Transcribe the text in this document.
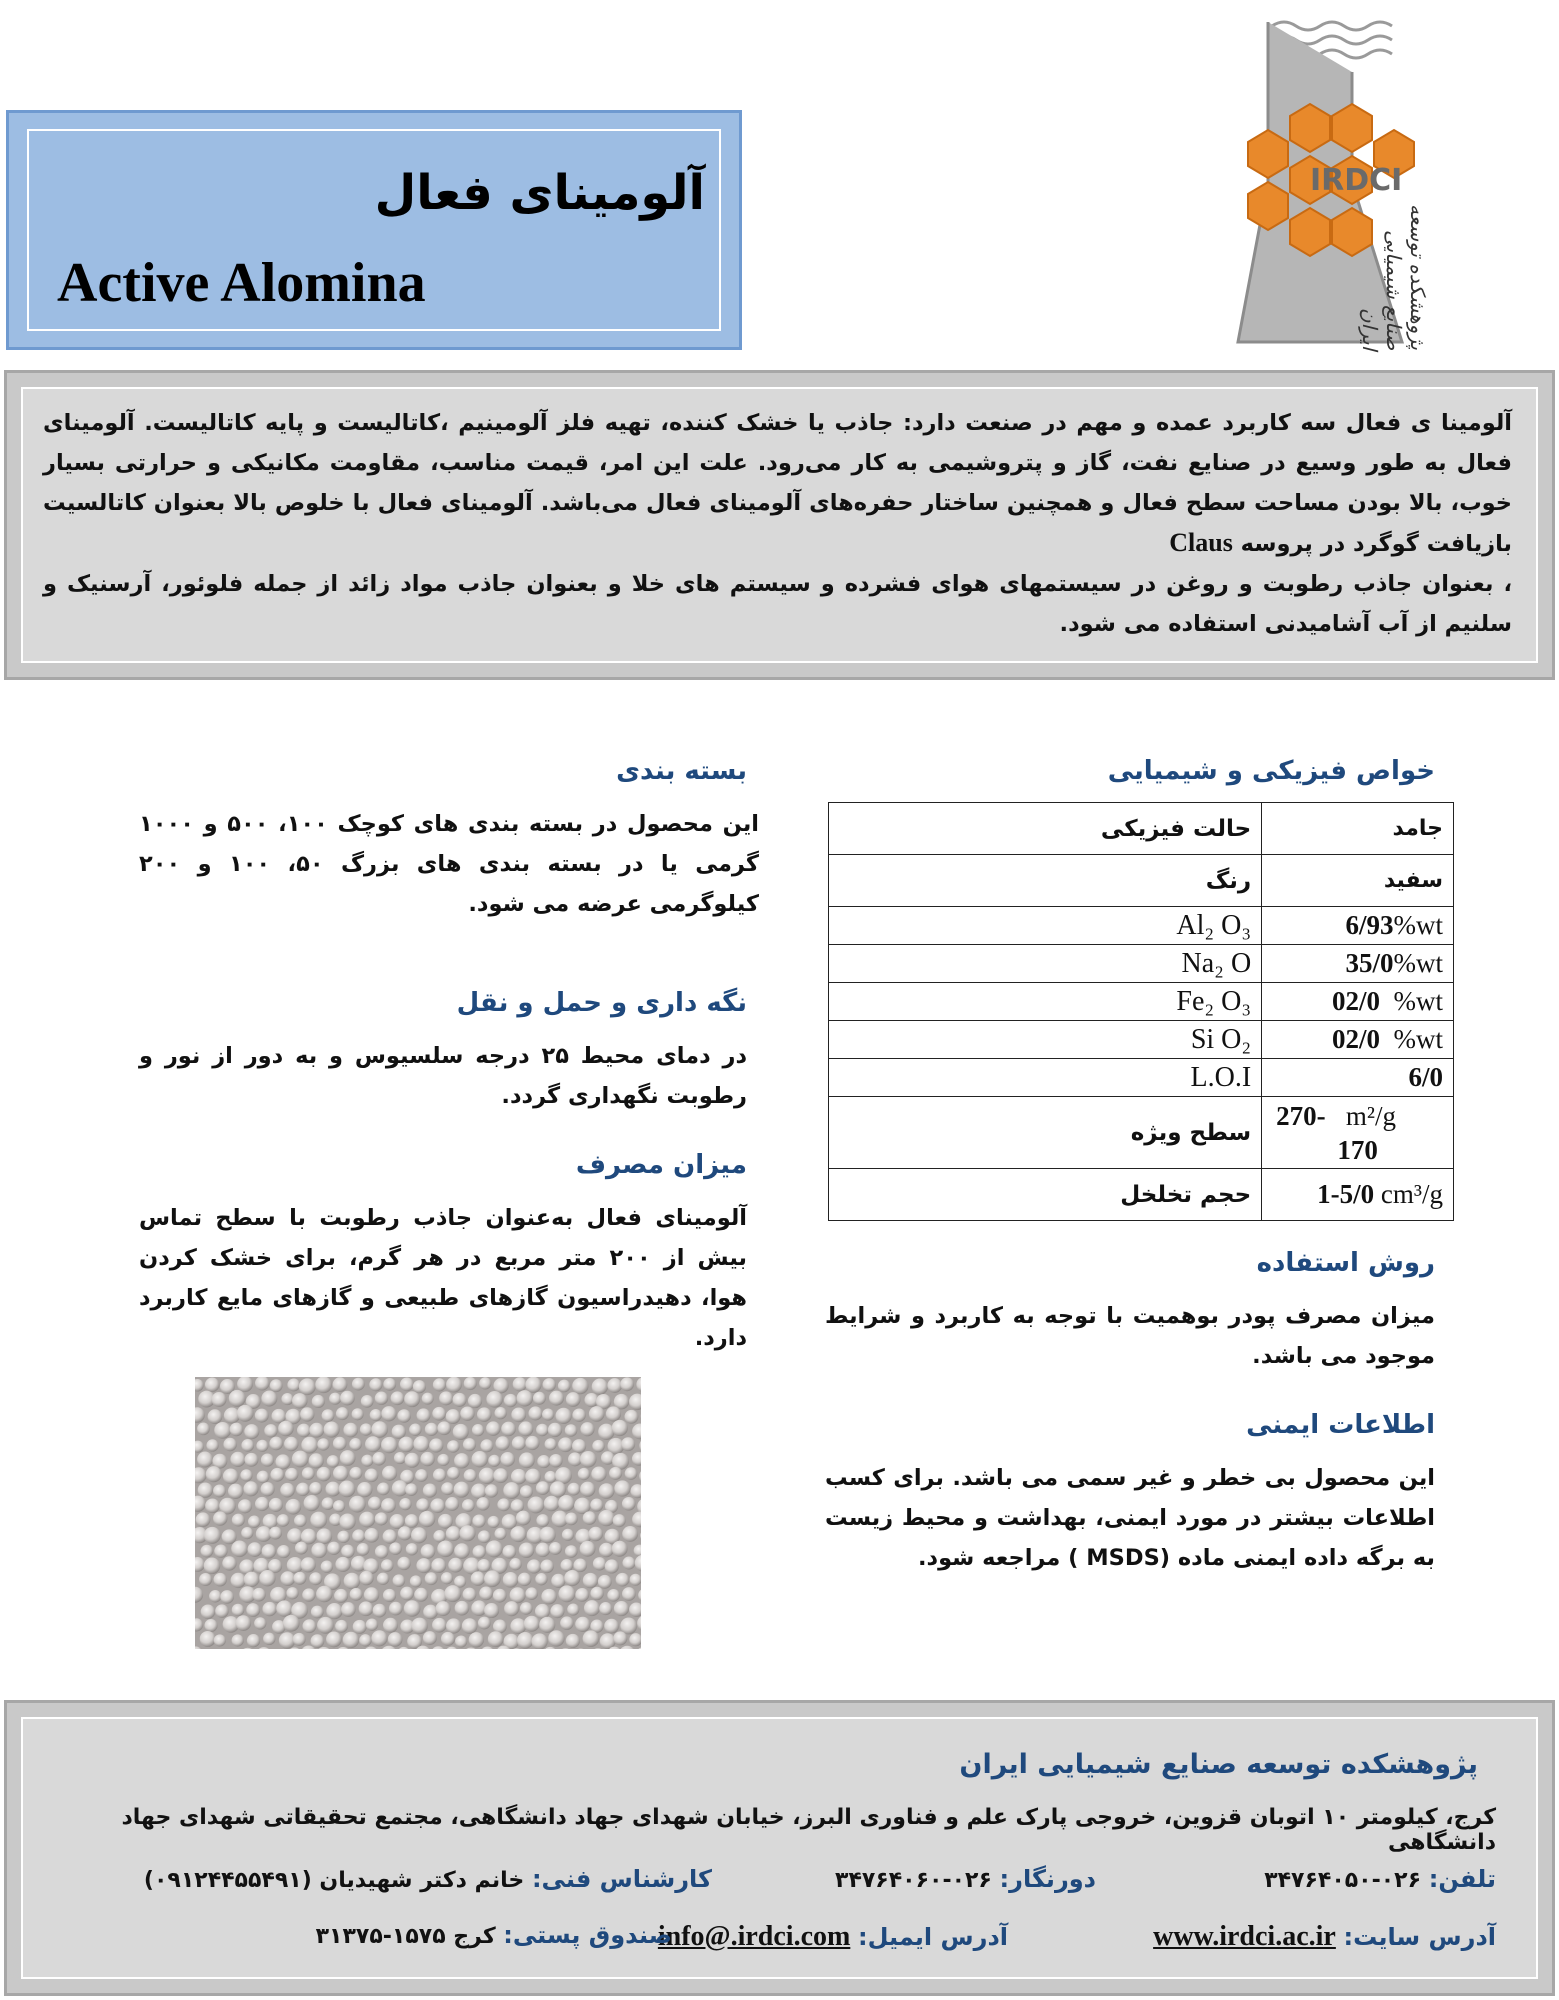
آلومینای فعال
Active Alomina
IRDCI
پژوهشکده توسعه صنایع شیمیایی ایران
آلومینا ی فعال سه کاربرد عمده و مهم در صنعت دارد: جاذب یا خشک کننده، تهیه فلز آلومینیم ،کاتالیست و پایه کاتالیست. آلومینای فعال به طور وسیع در صنایع نفت، گاز و پتروشیمی به کار می‌رود. علت این امر، قیمت مناسب، مقاومت مکانیکی و حرارتی بسیار خوب، بالا بودن مساحت سطح فعال و همچنین ساختار حفره‌های آلومینای فعال می‌باشد. آلومینای فعال با خلوص بالا بعنوان کاتالسیت بازیافت گوگرد در پروسه Claus
، بعنوان جاذب رطوبت و روغن در سیستمهای هوای فشرده و سیستم های خلا و بعنوان جاذب مواد زائد از جمله فلوئور، آرسنیک و سلنیم از آب آشامیدنی استفاده می شود.
خواص فیزیکی و شیمیایی
حالت فیزیکی	جامد
رنگ	سفید
Al₂ O₃	6/93%wt
Na₂ O	35/0%wt
Fe₂ O₃	02/0  %wt
Si O₂	02/0  %wt
L.O.I	6/0
سطح ویژه	270- m²/g
170

حجم تخلخل	1-5/0 cm³/g
روش استفاده
میزان مصرف پودر بوهمیت با توجه به کاربرد و شرایط موجود می باشد.
اطلاعات ایمنی
این محصول بی خطر و غیر سمی می باشد. برای کسب اطلاعات بیشتر در مورد ایمنی، بهداشت و محیط زیست به برگه داده ایمنی ماده (MSDS ) مراجعه شود.
بسته بندی
این محصول در بسته بندی های کوچک ۱۰۰، ۵۰۰ و ۱۰۰۰ گرمی یا در بسته بندی های بزرگ ۵۰، ۱۰۰ و ۲۰۰ کیلوگرمی عرضه می شود.
نگه داری و حمل و نقل
در دمای محیط ۲۵ درجه سلسیوس و به دور از نور و رطوبت نگهداری گردد.
میزان مصرف
آلومینای فعال به‌عنوان جاذب رطوبت با سطح تماس بیش از ۲۰۰ متر مربع در هر گرم، برای خشک کردن هوا، دهیدراسیون گازهای طبیعی و گازهای مایع کاربرد دارد.
پژوهشکده توسعه صنایع شیمیایی ایران
کرج، کیلومتر ۱۰ اتوبان قزوین، خروجی پارک علم و فناوری البرز، خیابان شهدای جهاد دانشگاهی، مجتمع تحقیقاتی شهدای جهاد دانشگاهی
تلفن: ۰۲۶-۳۴۷۶۴۰۵۰
دورنگار: ۰۲۶-۳۴۷۶۴۰۶۰
کارشناس فنی: خانم دکتر شهیدیان (۰۹۱۲۴۴۵۵۴۹۱)
آدرس سایت: www.irdci.ac.ir
آدرس ایمیل: info@.irdci.com
صندوق پستی: کرج ۱۵۷۵-۳۱۳۷۵
